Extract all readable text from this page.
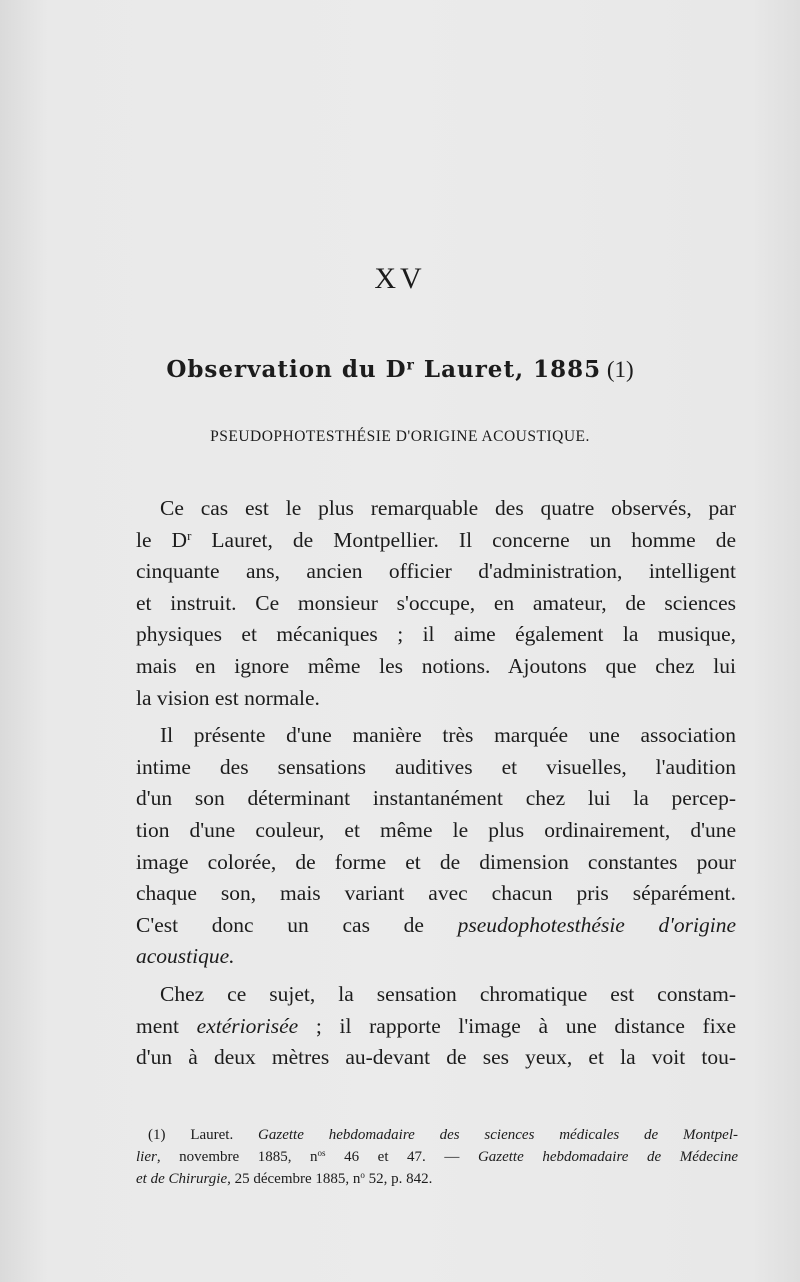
XV
Observation du $D^r$ Lauret, 1885 (1)
PSEUDOPHOTESTHÉSIE D'ORIGINE ACOUSTIQUE.
Ce cas est le plus remarquable des quatre observés, par
le $D^r$ Lauret, de Montpellier. Il concerne un homme de
cinquante ans, ancien officier d'administration, intelligent
et instruit. Ce monsieur s'occupe, en amateur, de sciences
physiques et mécaniques ; il aime également la musique,
mais en ignore même les notions. Ajoutons que chez lui
la vision est normale.
Il présente d'une manière très marquée une association
intime des sensations auditives et visuelles, l'audition
d'un son déterminant instantanément chez lui la percep-
tion d'une couleur, et même le plus ordinairement, d'une
image colorée, de forme et de dimension constantes pour
chaque son, mais variant avec chacun pris séparément.
C'est donc un cas de pseudophotesthésie d'origine
acoustique.
Chez ce sujet, la sensation chromatique est constam-
ment extériorisée ; il rapporte l'image à une distance fixe
d'un à deux mètres au-devant de ses yeux, et la voit tou-
(1) Lauret. Gazette hebdomadaire des sciences médicales de Montpel-
lier, novembre 1885, $n^{os}$ 46 et 47. — Gazette hebdomadaire de Médecine
et de Chirurgie, 25 décembre 1885, $n^o$ 52, p. 842.
